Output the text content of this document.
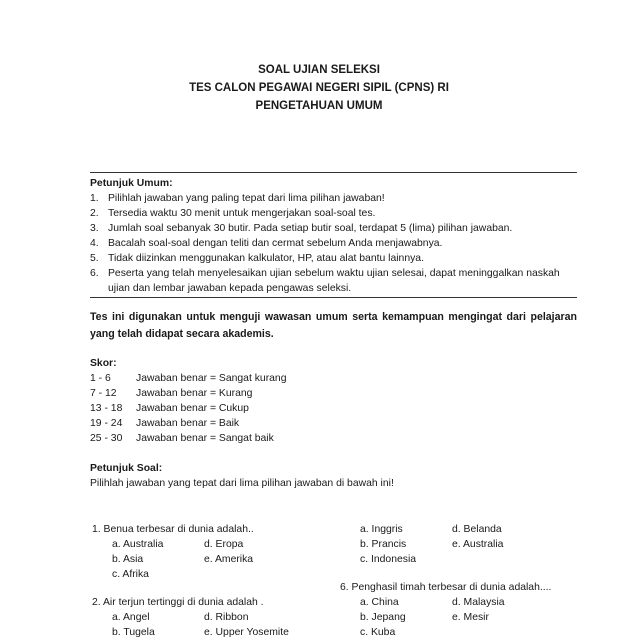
SOAL UJIAN SELEKSI
TES CALON PEGAWAI NEGERI SIPIL (CPNS) RI
PENGETAHUAN UMUM
Petunjuk Umum:
1. Pilihlah jawaban yang paling tepat dari lima pilihan jawaban!
2. Tersedia waktu 30 menit untuk mengerjakan soal-soal tes.
3. Jumlah soal sebanyak 30 butir. Pada setiap butir soal, terdapat 5 (lima) pilihan jawaban.
4. Bacalah soal-soal dengan teliti dan cermat sebelum Anda menjawabnya.
5. Tidak diizinkan menggunakan kalkulator, HP, atau alat bantu lainnya.
6. Peserta yang telah menyelesaikan ujian sebelum waktu ujian selesai, dapat meninggalkan naskah ujian dan lembar jawaban kepada pengawas seleksi.
Tes ini digunakan untuk menguji wawasan umum serta kemampuan mengingat dari pelajaran yang telah didapat secara akademis.
Skor:
1 - 6	Jawaban benar = Sangat kurang
7 - 12	Jawaban benar = Kurang
13 - 18	Jawaban benar = Cukup
19 - 24	Jawaban benar = Baik
25 - 30	Jawaban benar = Sangat baik
Petunjuk Soal:
Pilihlah jawaban yang tepat dari lima pilihan jawaban di bawah ini!
1. Benua terbesar di dunia adalah..
a. Australia	d. Eropa
b. Asia	e. Amerika
c. Afrika
2. Air terjun tertinggi di dunia adalah .
a. Angel	d. Ribbon
b. Tugela	e. Upper Yosemite
a. Inggris	d. Belanda
b. Prancis	e. Australia
c. Indonesia
6. Penghasil timah terbesar di dunia adalah....
a. China	d. Malaysia
b. Jepang	e. Mesir
c. Kuba
